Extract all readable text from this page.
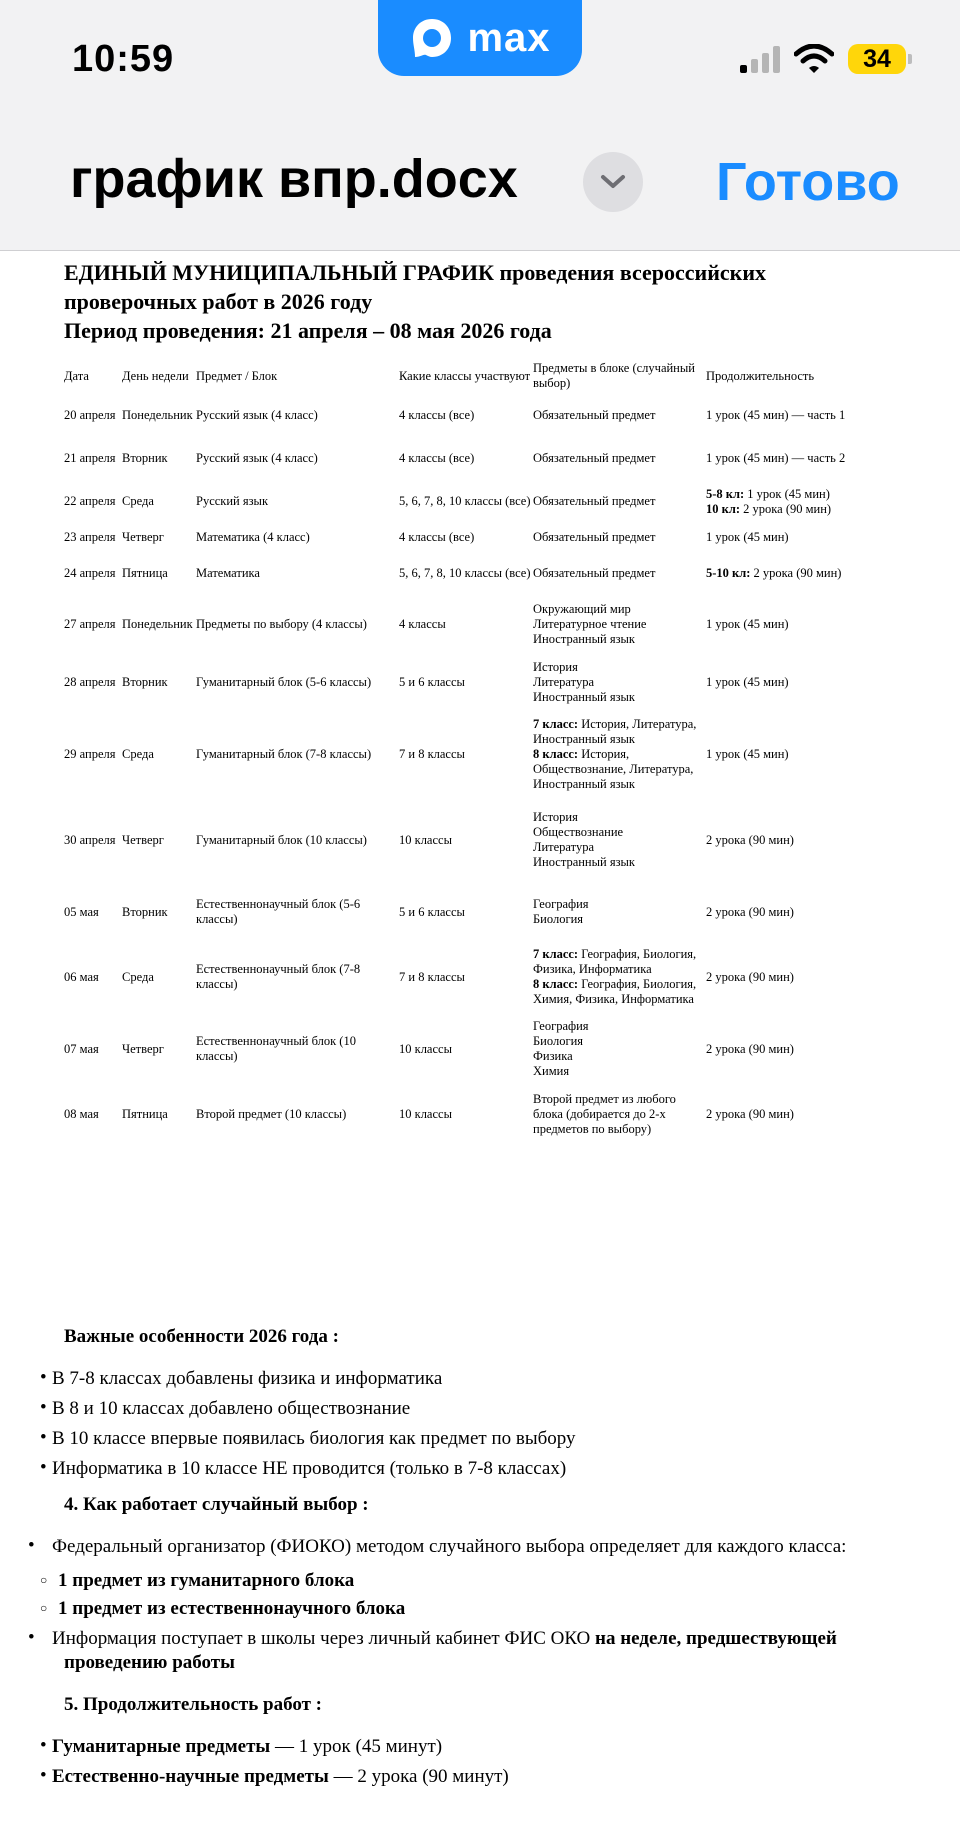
10:59	max	34
график впр.docx	Готово
ЕДИНЫЙ МУНИЦИПАЛЬНЫЙ ГРАФИК проведения всероссийских проверочных работ в 2026 году
Период проведения: 21 апреля – 08 мая 2026 года
Дата	День недели	Предмет / Блок	Какие классы участвуют	Предметы в блоке (случайный выбор)	Продолжительность
20 апреля	Понедельник	Русский язык (4 класс)	4 классы (все)	Обязательный предмет	1 урок (45 мин) — часть 1

21 апреля	Вторник	Русский язык (4 класс)	4 классы (все)	Обязательный предмет	1 урок (45 мин) — часть 2

22 апреля	Среда	Русский язык	5, 6, 7, 8, 10 классы (все)	Обязательный предмет	5-8 кл: 1 урок (45 мин)
10 кл: 2 урока (90 мин)

23 апреля	Четверг	Математика (4 класс)	4 классы (все)	Обязательный предмет	1 урок (45 мин)

24 апреля	Пятница	Математика	5, 6, 7, 8, 10 классы (все)	Обязательный предмет	5-10 кл: 2 урока (90 мин)

27 апреля	Понедельник	Предметы по выбору (4 классы)	4 классы	Окружающий мир
Литературное чтение
Иностранный язык	1 урок (45 мин)

28 апреля	Вторник	Гуманитарный блок (5-6 классы)	5 и 6 классы	История
Литература
Иностранный язык	1 урок (45 мин)

29 апреля	Среда	Гуманитарный блок (7-8 классы)	7 и 8 классы	7 класс: История, Литература, Иностранный язык
8 класс: История, Обществознание, Литература, Иностранный язык	1 урок (45 мин)

30 апреля	Четверг	Гуманитарный блок (10 классы)	10 классы	История
Обществознание
Литература
Иностранный язык	2 урока (90 мин)

05 мая	Вторник	Естественнонаучный блок (5-6 классы)	5 и 6 классы	География
Биология	2 урока (90 мин)

06 мая	Среда	Естественнонаучный блок (7-8 классы)	7 и 8 классы	7 класс: География, Биология, Физика, Информатика
8 класс: География, Биология, Химия, Физика, Информатика	2 урока (90 мин)

07 мая	Четверг	Естественнонаучный блок (10 классы)	10 классы	География
Биология
Физика
Химия	2 урока (90 мин)

08 мая	Пятница	Второй предмет (10 классы)	10 классы	Второй предмет из любого блока (добирается до 2-х предметов по выбору)	2 урока (90 мин)
Важные особенности 2026 года :
• В 7-8 классах добавлены физика и информатика
• В 8 и 10 классах добавлено обществознание
• В 10 классе впервые появилась биология как предмет по выбору
• Информатика в 10 классе НЕ проводится (только в 7-8 классах)
4. Как работает случайный выбор :
• Федеральный организатор (ФИОКО) методом случайного выбора определяет для каждого класса:
○ 1 предмет из гуманитарного блока
○ 1 предмет из естественнонаучного блока
• Информация поступает в школы через личный кабинет ФИС ОКО на неделе, предшествующей проведению работы
5. Продолжительность работ :
• Гуманитарные предметы — 1 урок (45 минут)
• Естественно-научные предметы — 2 урока (90 минут)
